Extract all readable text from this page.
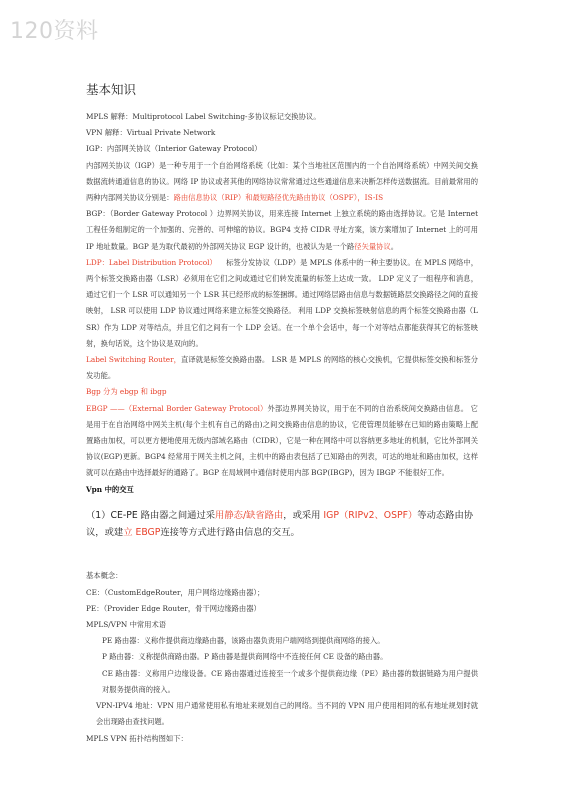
120资料
基本知识

MPLS 解释：Multiprotocol Label Switching-多协议标记交换协议。

VPN 解释：Virtual Private Network

IGP：内部网关协议（Interior Gateway Protocol）

内部网关协议（IGP）是一种专用于一个自治网络系统（比如：某个当地社区范围内的一个自治网络系统）中网关间交换数据流转通道信息的协议。网络 IP 协议或者其他的网络协议常常通过这些通道信息来决断怎样传送数据流。目前最常用的两种内部网关协议分别是：路由信息协议（RIP）和最短路径优先路由协议（OSPF），IS-IS

BGP：（Border Gateway Protocol ）边界网关协议，用来连接 Internet 上独立系统的路由选择协议。它是 Internet 工程任务组制定的一个加强的、完善的、可伸缩的协议。BGP4 支持 CIDR 寻址方案，该方案增加了 Internet 上的可用 IP 地址数量。BGP 是为取代最初的外部网关协议 EGP 设计的，也被认为是一个路径矢量协议。

LDP：Label Distribution Protocol） 标签分发协议（LDP）是 MPLS 体系中的一种主要协议。在 MPLS 网络中，两个标签交换路由器（LSR）必须用在它们之间或通过它们转发流量的标签上达成一致。 LDP 定义了一组程序和消息，通过它们一个 LSR 可以通知另一个 LSR 其已经形成的标签捆绑。通过网络层路由信息与数据链路层交换路径之间的直接映射， LSR 可以使用 LDP 协议通过网络来建立标签交换路径。 利用 LDP 交换标签映射信息的两个标签交换路由器（LSR）作为 LDP 对等结点，并且它们之间有一个 LDP 会话。在一个单个会话中，每一个对等结点都能获得其它的标签映射，换句话说，这个协议是双向的。

Label Switching Router，直译就是标签交换路由器。 LSR 是 MPLS 的网络的核心交换机，它提供标签交换和标签分发功能。

Bgp 分为 ebgp 和 ibgp

EBGP ——（External Border Gateway Protocol）外部边界网关协议，用于在不同的自治系统间交换路由信息。 它是用于在自治网络中网关主机(每个主机有自己的路由)之间交换路由信息的协议，它使管理员能够在已知的路由策略上配置路由加权，可以更方便地使用无级内部域名路由（CIDR），它是一种在网络中可以容纳更多地址的机制，它比外部网关协议(EGP)更新。BGP4 经常用于网关主机之间，主机中的路由表包括了已知路由的列表，可达的地址和路由加权，这样就可以在路由中选择最好的通路了。BGP 在局域网中通信时使用内部 BGP(IBGP)，因为 IBGP 不能很好工作。

Vpn 中的交互

（1）CE-PE 路由器之间通过采用静态/缺省路由，或采用 IGP（RIPv2、OSPF）等动态路由协议，或建立 EBGP连接等方式进行路由信息的交互。

基本概念：

CE：（CustomEdgeRouter，用户网络边缘路由器）；

PE：（Provider Edge Router，骨干网边缘路由器）

MPLS/VPN 中常用术语

PE 路由器：义称作提供商边缘路由器，该路由器负责用户端网络到提供商网络的接入。

P 路由器：义称提供商路由器。P 路由器是提供商网络中不连接任何 CE 设备的路由器。

CE 路由器：义称用户边缘设备。CE 路由器通过连接至一个或多个提供商边缘（PE）路由器的数据链路为用户提供对服务提供商的接入。

VPN-IPV4 地址：VPN 用户通常使用私有地址来规划自己的网络。当不同的 VPN 用户使用相同的私有地址规划时就会出现路由查找问题。

MPLS VPN 拓扑结构图如下：
